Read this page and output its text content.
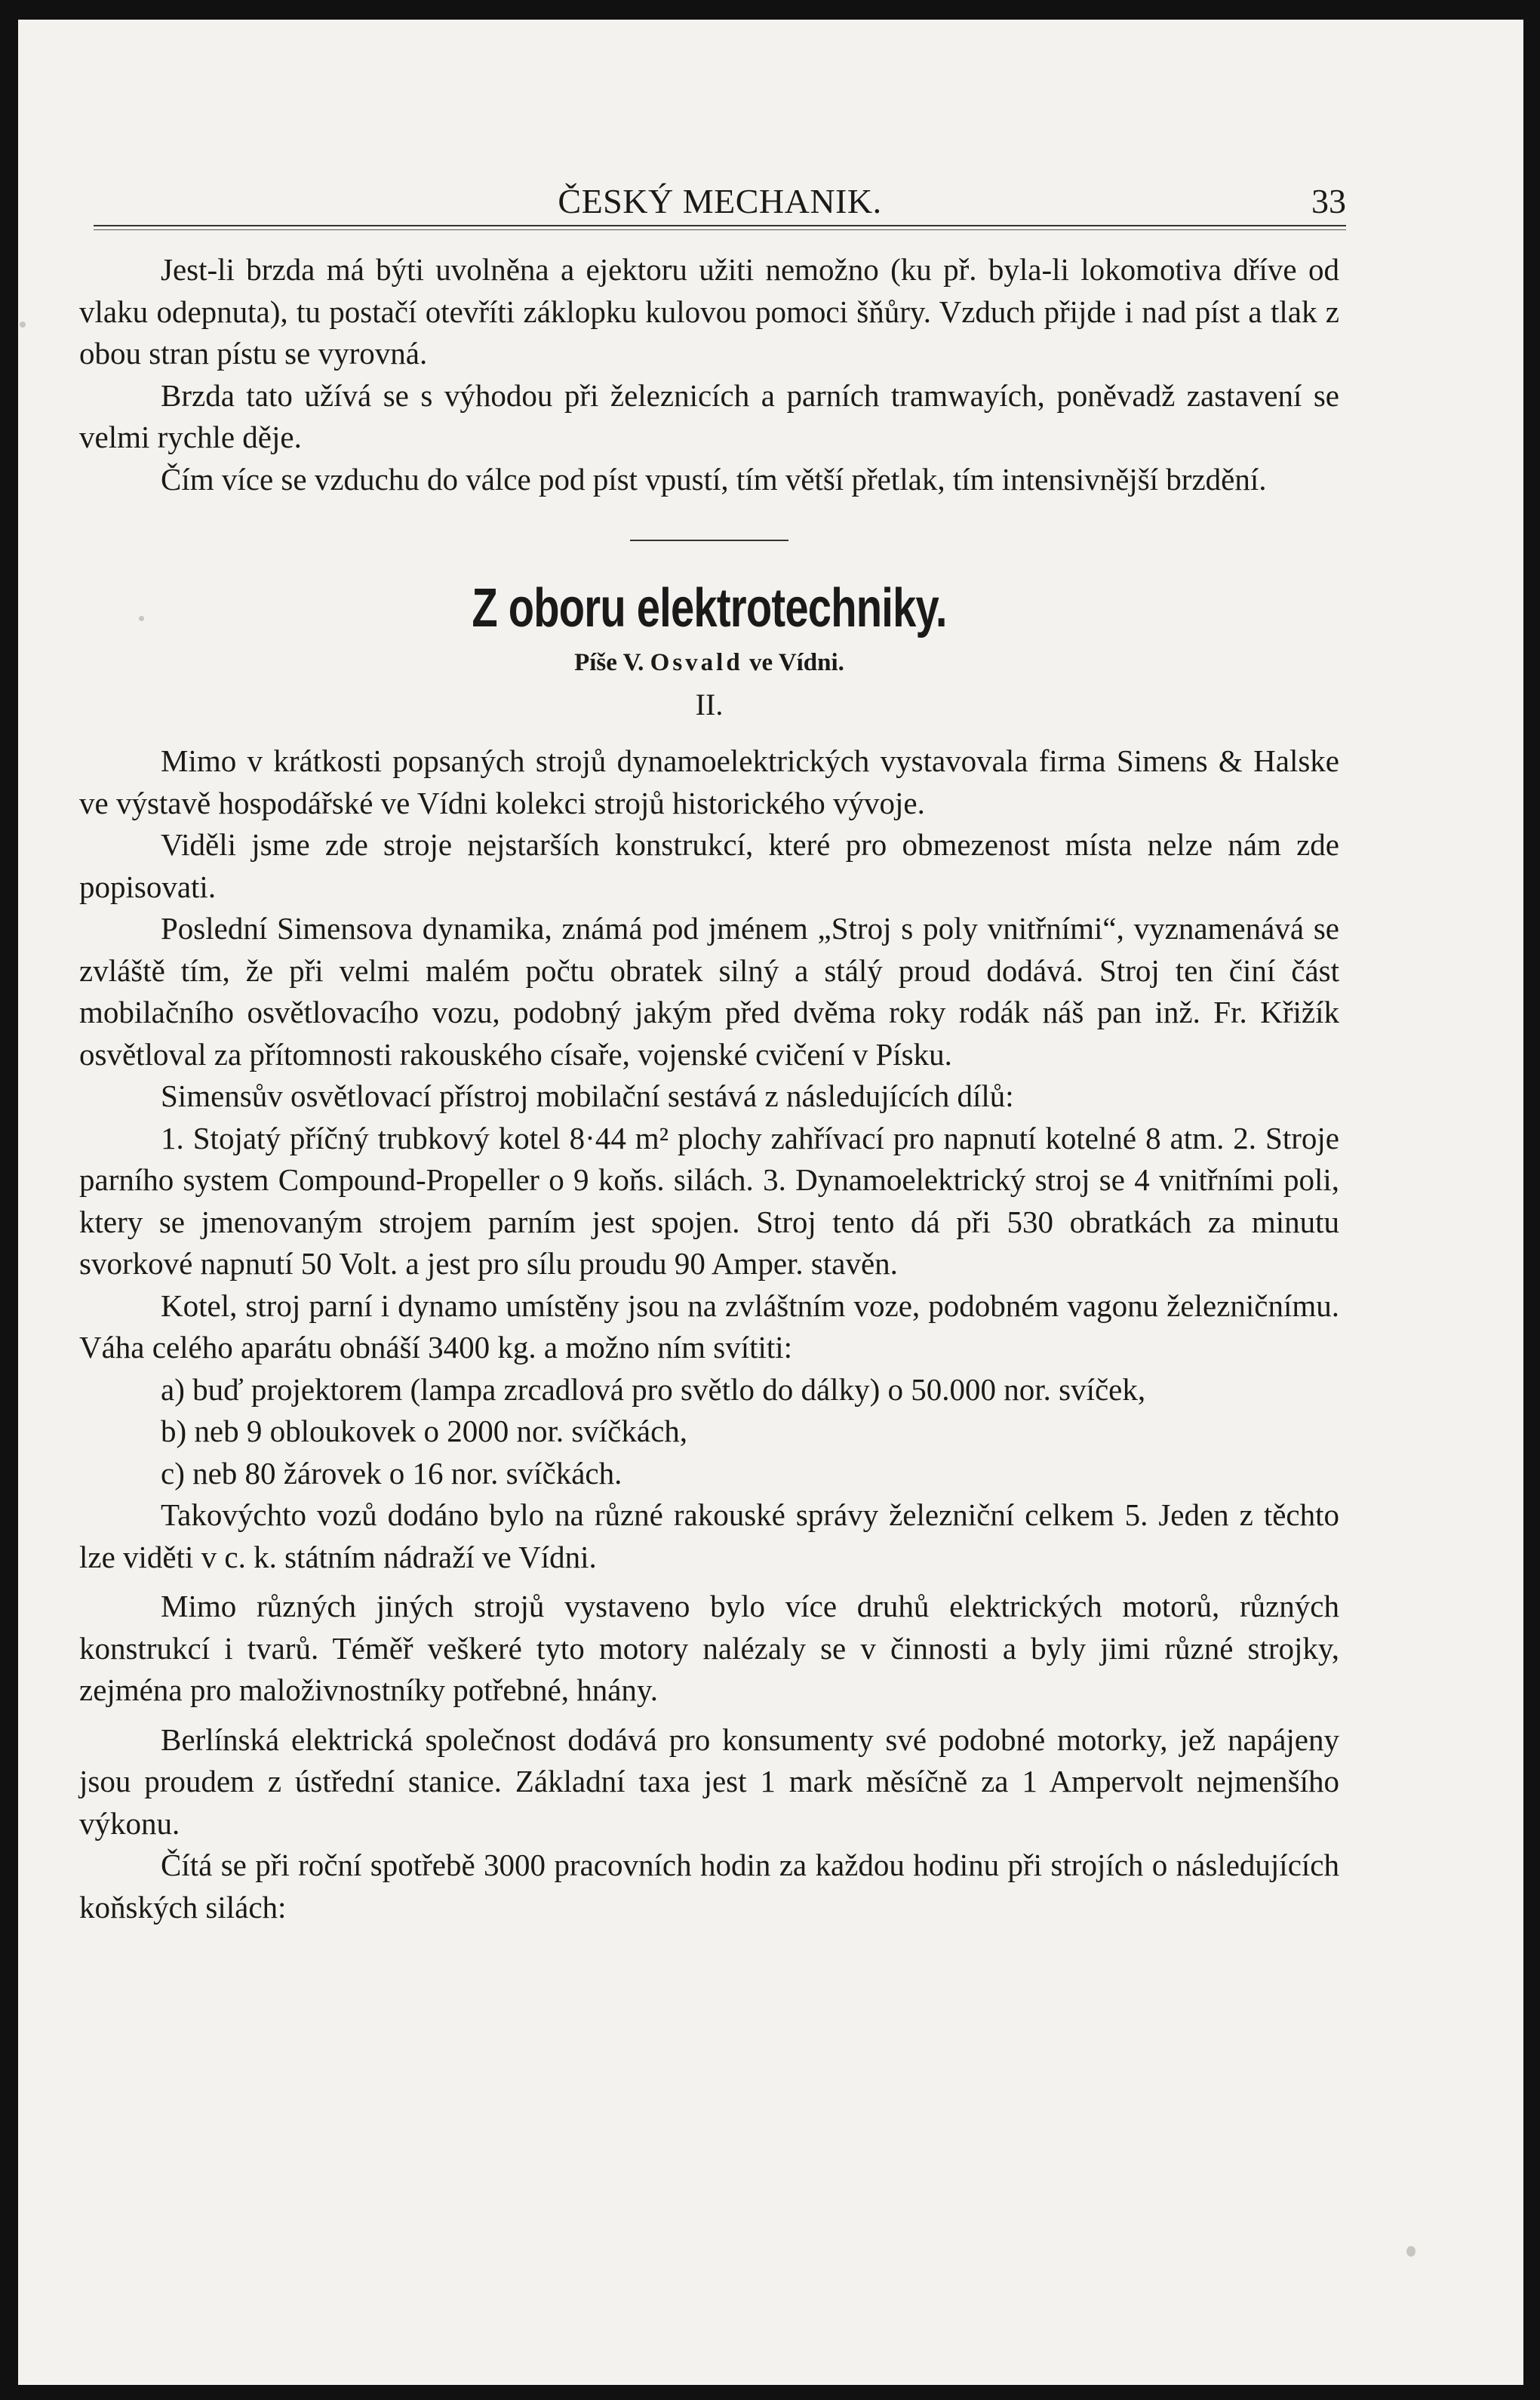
ČESKÝ MECHANIK.	33

Jest-li brzda má býti uvolněna a ejektoru užiti nemožno (ku př. byla-li lokomotiva dříve od vlaku odepnuta), tu postačí otevříti záklopku kulovou pomoci šňůry. Vzduch přijde i nad píst a tlak z obou stran pístu se vyrovná.

Brzda tato užívá se s výhodou při železnicích a parních tramwayích, poněvadž zastavení se velmi rychle děje.

Čím více se vzduchu do válce pod píst vpustí, tím větší přetlak, tím intensivnější brzdění.

Z oboru elektrotechniky.
Píše V. Osvald ve Vídni.
II.

Mimo v krátkosti popsaných strojů dynamoelektrických vystavovala firma Simens & Halske ve výstavě hospodářské ve Vídni kolekci strojů historického vývoje.

Viděli jsme zde stroje nejstarších konstrukcí, které pro obmezenost místa nelze nám zde popisovati.

Poslední Simensova dynamika, známá pod jménem „Stroj s poly vnitřními“, vyznamenává se zvláště tím, že při velmi malém počtu obratek silný a stálý proud dodává. Stroj ten činí část mobilačního osvětlovacího vozu, podobný jakým před dvěma roky rodák náš pan inž. Fr. Křižík osvětloval za přítomnosti rakouského císaře, vojenské cvičení v Písku.

Simensův osvětlovací přístroj mobilační sestává z následujících dílů:

1. Stojatý příčný trubkový kotel 8·44 m² plochy zahřívací pro napnutí kotelné 8 atm. 2. Stroje parního system Compound-Propeller o 9 koňs. silách. 3. Dynamoelektrický stroj se 4 vnitřními poli, ktery se jmenovaným strojem parním jest spojen. Stroj tento dá při 530 obratkách za minutu svorkové napnutí 50 Volt. a jest pro sílu proudu 90 Amper. stavěn.

Kotel, stroj parní i dynamo umístěny jsou na zvláštním voze, podobném vagonu železničnímu. Váha celého aparátu obnáší 3400 kg. a možno ním svítiti:

a) buď projektorem (lampa zrcadlová pro světlo do dálky) o 50.000 nor. svíček,

b) neb 9 obloukovek o 2000 nor. svíčkách,

c) neb 80 žárovek o 16 nor. svíčkách.

Takovýchto vozů dodáno bylo na různé rakouské správy železniční celkem 5. Jeden z těchto lze viděti v c. k. státním nádraží ve Vídni.

Mimo různých jiných strojů vystaveno bylo více druhů elektrických motorů, různých konstrukcí i tvarů. Téměř veškeré tyto motory nalézaly se v činnosti a byly jimi různé strojky, zejména pro maloživnostníky potřebné, hnány.

Berlínská elektrická společnost dodává pro konsumenty své podobné motorky, jež napájeny jsou proudem z ústřední stanice. Základní taxa jest 1 mark měsíčně za 1 Ampervolt nejmenšího výkonu.

Čítá se při roční spotřebě 3000 pracovních hodin za každou hodinu při strojích o následujících koňských silách:
